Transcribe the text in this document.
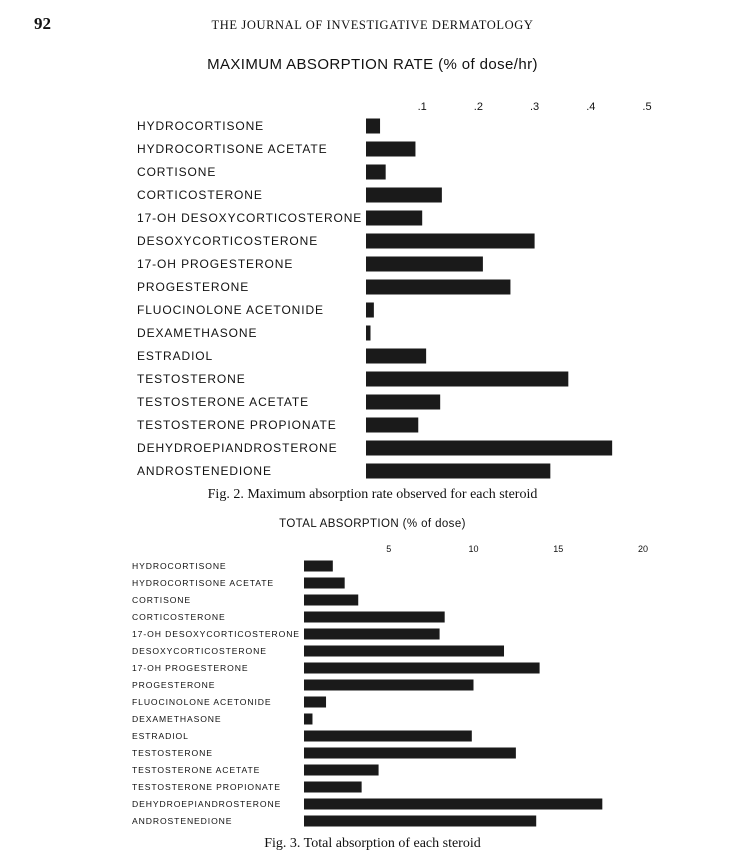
92	THE JOURNAL OF INVESTIGATIVE DERMATOLOGY
MAXIMUM ABSORPTION RATE (% of dose/hr)
.1	.2	.3	.4	.5
HYDROCORTISONE
HYDROCORTISONE ACETATE
CORTISONE
CORTICOSTERONE
17-OH DESOXYCORTICOSTERONE
DESOXYCORTICOSTERONE
17-OH PROGESTERONE
PROGESTERONE
FLUOCINOLONE ACETONIDE
DEXAMETHASONE
ESTRADIOL
TESTOSTERONE
TESTOSTERONE ACETATE
TESTOSTERONE PROPIONATE
DEHYDROEPIANDROSTERONE
ANDROSTENEDIONE
Fig. 2. Maximum absorption rate observed for each steroid
TOTAL ABSORPTION (% of dose)
5	10	15	20
HYDROCORTISONE
HYDROCORTISONE ACETATE
CORTISONE
CORTICOSTERONE
17-OH DESOXYCORTICOSTERONE
DESOXYCORTICOSTERONE
17-OH PROGESTERONE
PROGESTERONE
FLUOCINOLONE ACETONIDE
DEXAMETHASONE
ESTRADIOL
TESTOSTERONE
TESTOSTERONE ACETATE
TESTOSTERONE PROPIONATE
DEHYDROEPIANDROSTERONE
ANDROSTENEDIONE
Fig. 3. Total absorption of each steroid
